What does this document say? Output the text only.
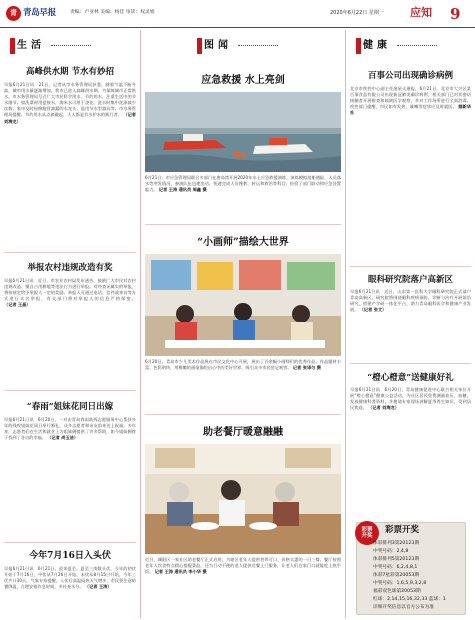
青 青岛早报	责编：卢亚林 美编：杨佳 审读：权灵娟	2020年6月22日 星期一 应知 9
生活
高峰供水期 节水有妙招
早报6月21日讯　21日，记者从市水务管理局获悉，随着气温不断升高，城市用水量逐渐增加，我市已进入高峰供水期。为保障城市正常供水，市水务管理局号召广大市民科学用水、节约用水，注重生活中的节水细节。如洗菜时用盆接水，淘米水可用于浇花；洗衣时集中洗涤减少次数；家中及时检修跑冒滴漏的水龙头；选用节水型器具等。市水务管理局提醒，节约用水从点滴做起，人人都是节水护水的践行者。 （记者 刘海龙）
举报农村违规改造有奖
早报6月21日讯　近日，市农业农村局发布通告，鼓励广大市民对农村违规改造、擅自占用耕地等违法行为进行举报。对经查证属实的举报，将按规定给予举报人一定的奖励。举报人可通过电话、信件或来访等方式进行实名举报，有关部门将对举报人的信息严格保密。 （记者 王晶）
“春雨”姐妹花同日出嫁
早报6月21日讯　6月20日，一对由青岛春雨助残志愿服务中心帮扶多年的残疾姐妹花同日举行婚礼，众多志愿者和亲友前来送上祝福。多年来，志愿者们在生活和就业上为姐妹俩提供了许多帮助，如今姐妹俩终于找到了各自的幸福。 （记者 尚玉洁）
今年7月16日入头伏
早报6月21日讯　6月21日，迎来夏至。夏至三庚数头伏，今年的初伏开始于7月16日，中伏从7月26日开始，末伏从8月15日开始，今年三伏共计30天。气象专家提醒，入伏后高温闷热天气增多，市民要注意防暑降温，合理安排作息时间，多补充水分。 （记者 王涛）
图闻
应急救援 水上亮剑
6月21日，市应急管理局联合多部门在唐岛湾开展2020年水上应急救援演练。演练模拟游船遇险、人员落水等突发情况，参演队伍迅速出动，快速完成人员搜救、转运和救治等科目，检验了部门联动和应急处置能力。 记者 王涛 通讯员 周鑫 摄
“小画师”描绘大世界
6月20日，青岛市少儿美术作品展在市民文化中心开展，展出了百余幅小画师们的优秀作品。作品题材丰富，色彩明快，用稚嫩的画笔描绘出心中的美好世界，吸引众多市民驻足观赏。 记者 张译匀 摄
助老餐厅暖意融融
近日，城阳区一家社区助老餐厅正式启用，为辖区老年人提供营养可口、价格实惠的一日三餐。餐厅按照老年人饮食特点精心搭配菜品，还为行动不便的老人提供送餐上门服务，让老人们在家门口就能吃上热乎饭。 记者 王涛 通讯员 李小华 摄
健康
百事公司出现确诊病例
北京市疾控中心副主任庞星火通报，6月21日，北京市大兴区某百事食品有限公司出现新冠肺炎确诊病例，相关部门已对其密切接触者开展排查和隔离医学观察，并对工作场所进行全面消毒。疾控部门提醒，市民如有发热、咳嗽等症状应及时就医。 据新华社
眼科研究院落户高新区
早报6月21日讯　近日，山东第一医科大学眼科研究院正式落户青岛高新区。研究院将围绕眼科疾病预防、诊断与治疗开展前沿研究，搭建产学研一体化平台，助力青岛眼科医学和健康产业发展。 （记者 张文）
“橙心橙意”送健康好礼
早报6月21日讯　6月20日，青岛健康促进中心联合相关单位开展“橙心橙意”健康公益活动，为社区居民免费测量血压、血糖，发放健康科普资料，并邀请专家现场讲解夏季养生知识，受到居民欢迎。 （记者 刘海龙）
彩票
开奖
彩票开奖
体彩排列3第20123期
中奖号码：2,4,8
体彩排列5第20123期
中奖号码：6,2,4,8,1
体彩7星彩第20053期
中奖号码：1,6,5,9,3,2,8
福彩双色球第20053期
红球：2,14,15,16,32,33 蓝球：1
详细开奖信息以官方公布为准
